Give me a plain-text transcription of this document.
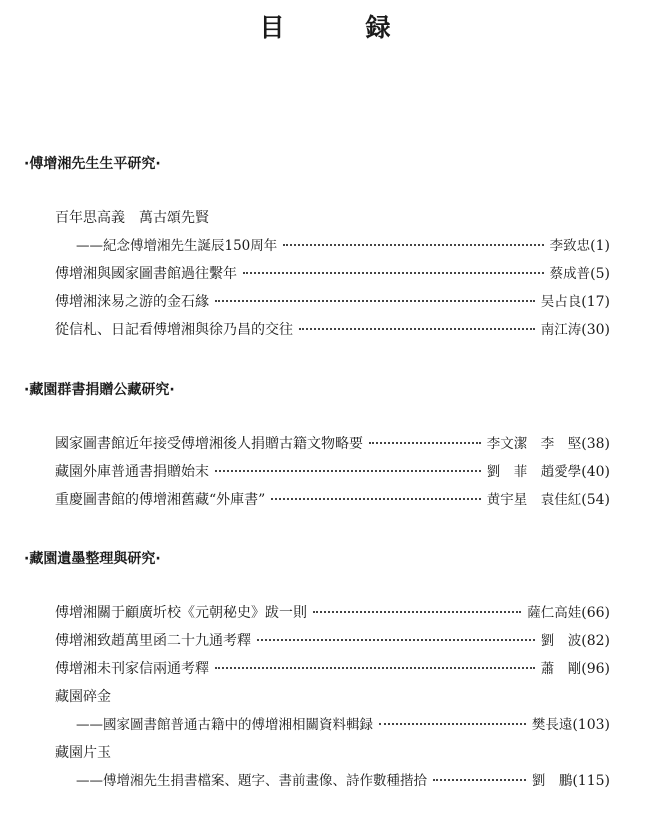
目　録
·傅增湘先生生平研究·
百年思高義　萬古頌先賢
——紀念傅增湘先生誕辰150周年	李致忠 (1)
傅增湘與國家圖書館過往繫年	蔡成普 (5)
傅增湘涞易之游的金石緣	吴占良 (17)
從信札、日記看傅增湘與徐乃昌的交往	南江涛 (30)
·藏園群書捐贈公藏研究·
國家圖書館近年接受傅增湘後人捐贈古籍文物略要	李文潔　李　堅 (38)
藏園外庫普通書捐贈始末	劉　菲　趙愛學 (40)
重慶圖書館的傅增湘舊藏“外庫書”	黄宇星　袁佳紅 (54)
·藏園遺墨整理與研究·
傅增湘關于顧廣圻校《元朝秘史》跋一則	薩仁高娃 (66)
傅增湘致趙萬里函二十九通考釋	劉　波 (82)
傅增湘未刊家信兩通考釋	蕭　剛 (96)
藏園碎金
——國家圖書館普通古籍中的傅增湘相關資料輯録	樊長遠 (103)
藏園片玉
——傅增湘先生捐書檔案、題字、書前畫像、詩作數種揩拾	劉　鵬 (115)
